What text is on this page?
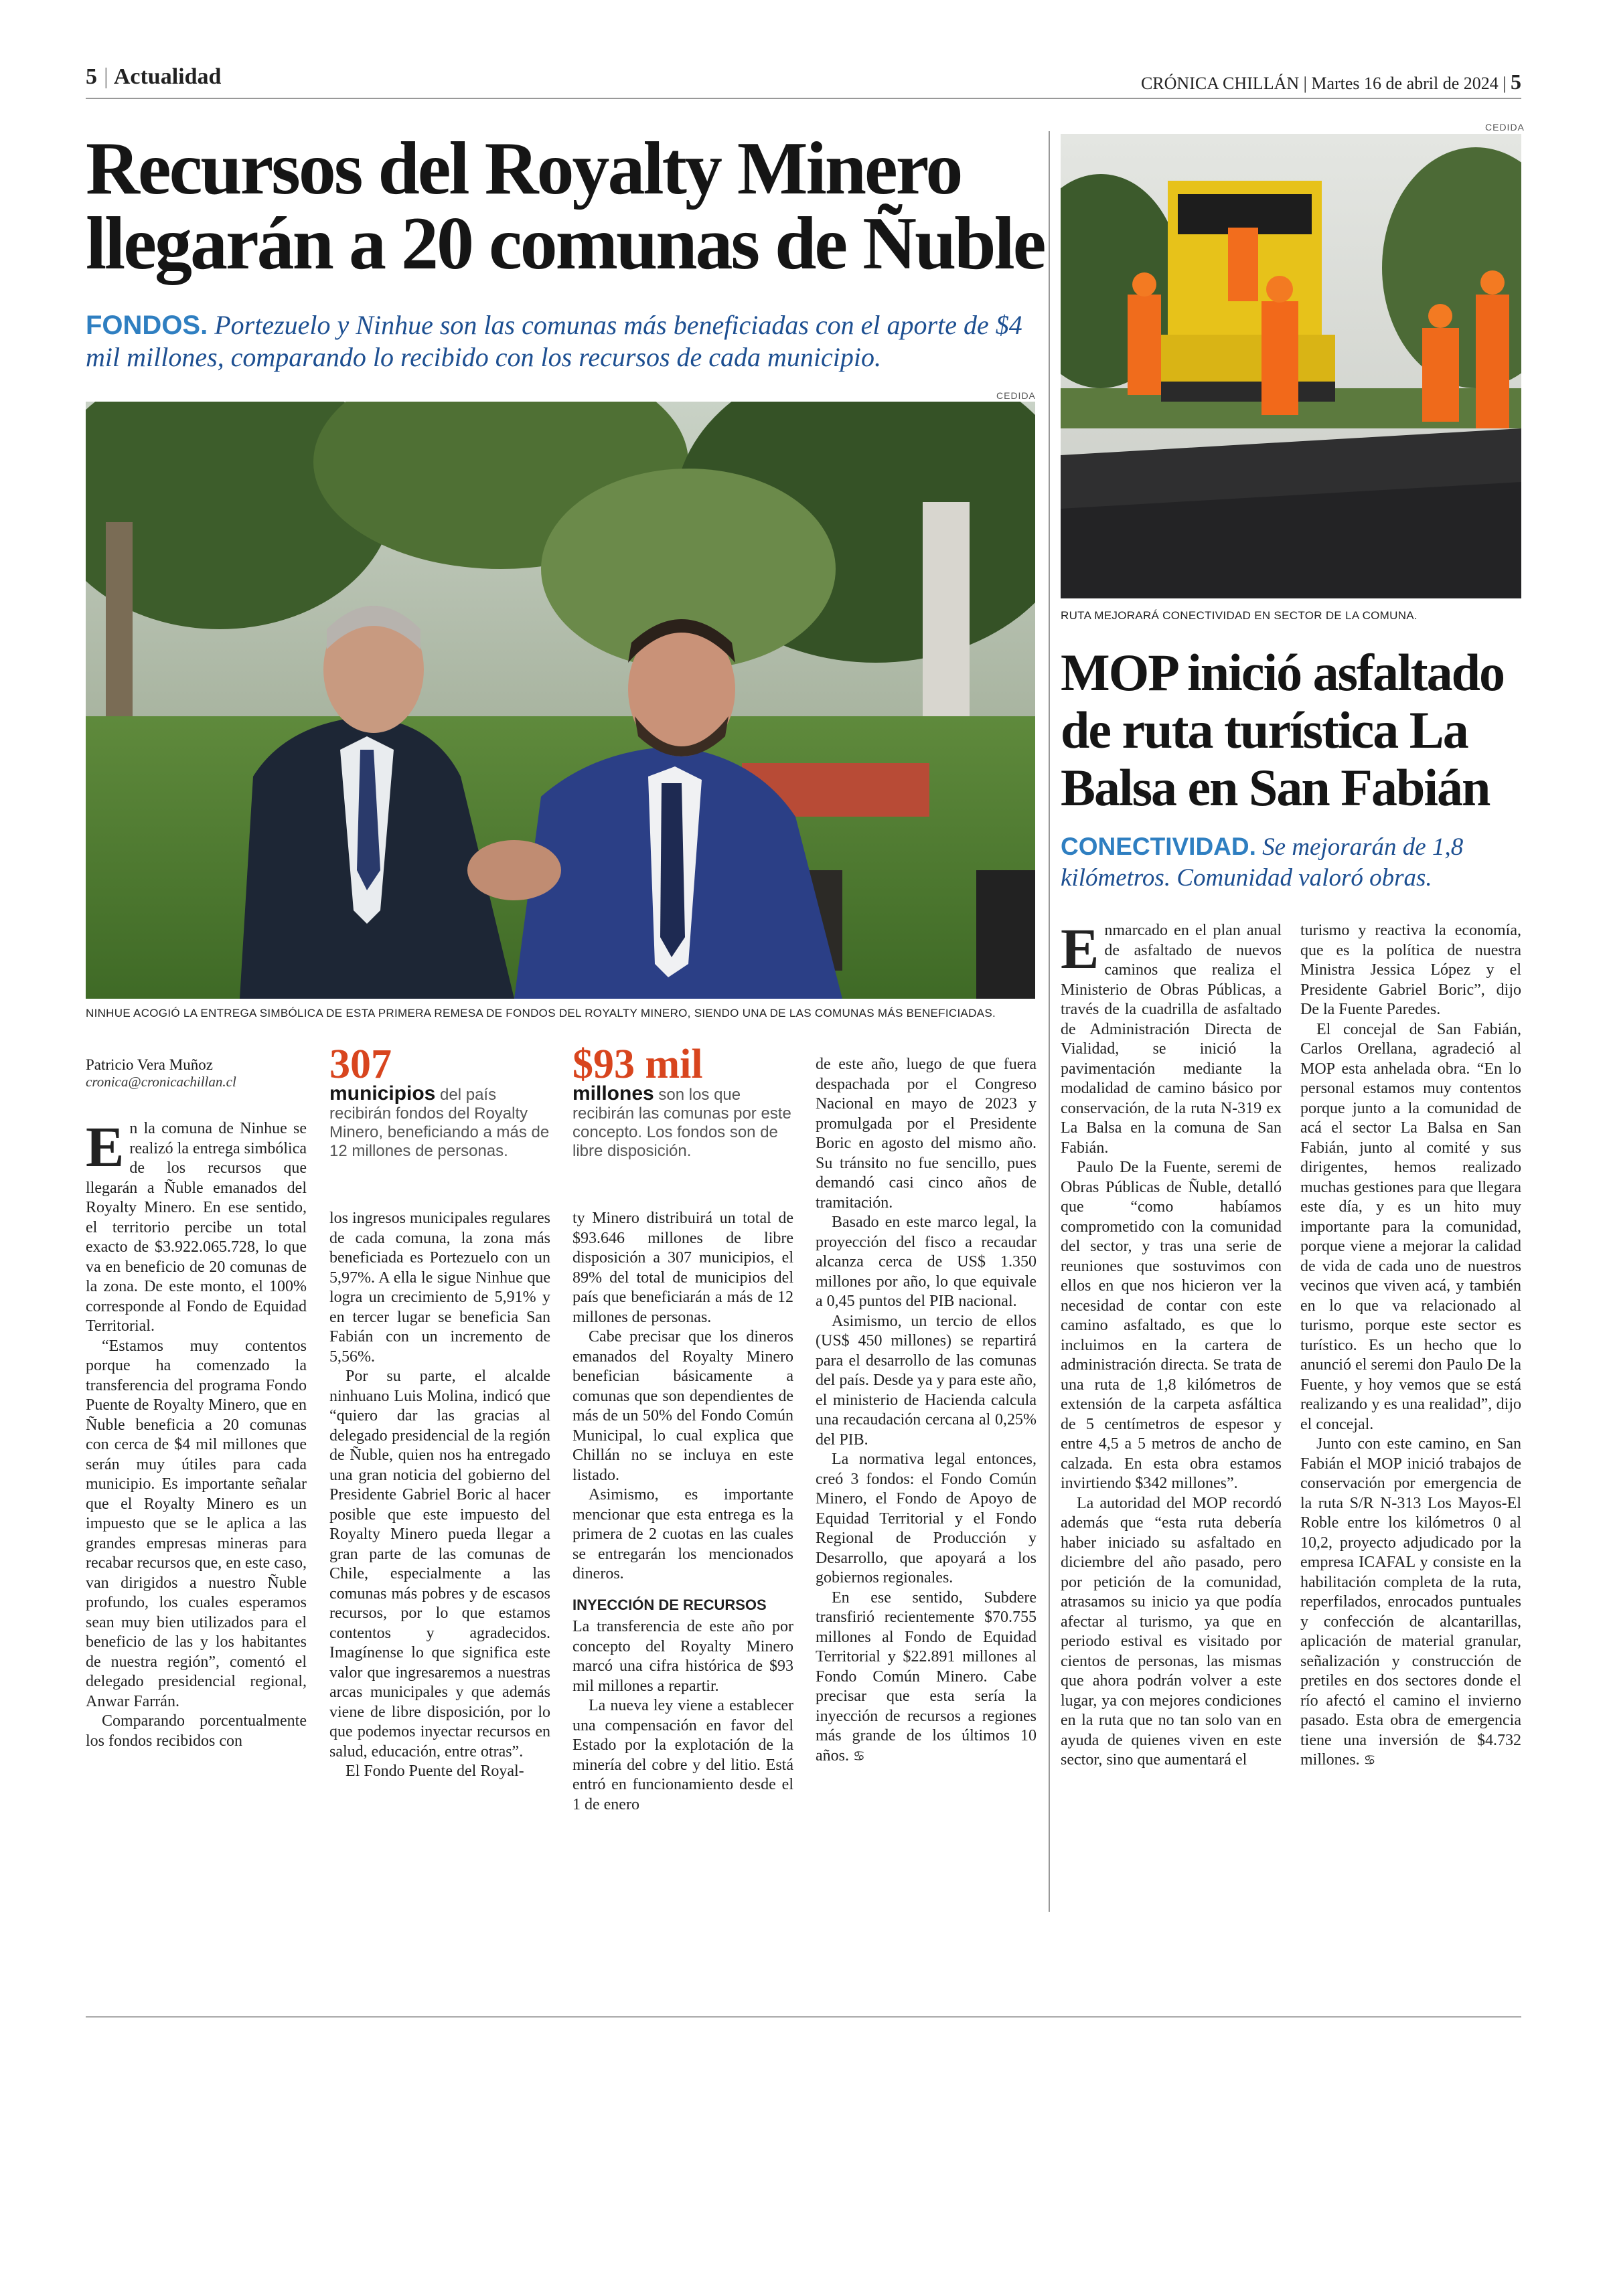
5 | Actualidad	CRÓNICA CHILLÁN | Martes 16 de abril de 2024 | 5
Recursos del Royalty Minero
llegarán a 20 comunas de Ñuble
FONDOS. Portezuelo y Ninhue son las comunas más beneficiadas con el aporte de $4 mil millones, comparando lo recibido con los recursos de cada municipio.
CEDIDA
NINHUE ACOGIÓ LA ENTREGA SIMBÓLICA DE ESTA PRIMERA REMESA DE FONDOS DEL ROYALTY MINERO, SIENDO UNA DE LAS COMUNAS MÁS BENEFICIADAS.
Patricio Vera Muñoz
cronica@cronicachillan.cl	307
municipios del país recibirán fondos del Royalty Minero, beneficiando a más de 12 millones de personas.
$93 mil
millones son los que recibirán las comunas por este concepto. Los fondos son de libre disposición.

En la comuna de Ninhue se realizó la entrega simbólica de los recursos que llegarán a Ñuble emanados del Royalty Minero. En ese sentido, el territorio percibe un total exacto de $3.922.065.728, lo que va en beneficio de 20 comunas de la zona. De este monto, el 100% corresponde al Fondo de Equidad Territorial.

“Estamos muy contentos porque ha comenzado la transferencia del programa Fondo Puente de Royalty Minero, que en Ñuble beneficia a 20 comunas con cerca de $4 mil millones que serán muy útiles para cada municipio. Es importante señalar que el Royalty Minero es un impuesto que se le aplica a las grandes empresas mineras para recabar recursos que, en este caso, van dirigidos a nuestro Ñuble profundo, los cuales esperamos sean muy bien utilizados para el beneficio de las y los habitantes de nuestra región”, comentó el delegado presidencial regional, Anwar Farrán.

Comparando porcentualmente los fondos recibidos con

los ingresos municipales regulares de cada comuna, la zona más beneficiada es Portezuelo con un 5,97%. A ella le sigue Ninhue que logra un crecimiento de 5,91% y en tercer lugar se beneficia San Fabián con un incremento de 5,56%.

Por su parte, el alcalde ninhuano Luis Molina, indicó que “quiero dar las gracias al delegado presidencial de la región de Ñuble, quien nos ha entregado una gran noticia del gobierno del Presidente Gabriel Boric al hacer posible que este impuesto del Royalty Minero pueda llegar a gran parte de las comunas de Chile, especialmente a las comunas más pobres y de escasos recursos, por lo que estamos contentos y agradecidos. Imagínense lo que significa este valor que ingresaremos a nuestras arcas municipales y que además viene de libre disposición, por lo que podemos inyectar recursos en salud, educación, entre otras”.

El Fondo Puente del Royal-

ty Minero distribuirá un total de $93.646 millones de libre disposición a 307 municipios, el 89% del total de municipios del país que beneficiarán a más de 12 millones de personas.

Cabe precisar que los dineros emanados del Royalty Minero benefician básicamente a comunas que son dependientes de más de un 50% del Fondo Común Municipal, lo cual explica que Chillán no se incluya en este listado.

Asimismo, es importante mencionar que esta entrega es la primera de 2 cuotas en las cuales se entregarán los mencionados dineros.

INYECCIÓN DE RECURSOS

La transferencia de este año por concepto del Royalty Minero marcó una cifra histórica de $93 mil millones a repartir.

La nueva ley viene a establecer una compensación en favor del Estado por la explotación de la minería del cobre y del litio. Está entró en funcionamiento desde el 1 de enero

de este año, luego de que fuera despachada por el Congreso Nacional en mayo de 2023 y promulgada por el Presidente Boric en agosto del mismo año. Su tránsito no fue sencillo, pues demandó casi cinco años de tramitación.

Basado en este marco legal, la proyección del fisco a recaudar alcanza cerca de US$ 1.350 millones por año, lo que equivale a 0,45 puntos del PIB nacional.

Asimismo, un tercio de ellos (US$ 450 millones) se repartirá para el desarrollo de las comunas del país. Desde ya y para este año, el ministerio de Hacienda calcula una recaudación cercana al 0,25% del PIB.

La normativa legal entonces, creó 3 fondos: el Fondo Común Minero, el Fondo de Apoyo de Equidad Territorial y el Fondo Regional de Producción y Desarrollo, que apoyará a los gobiernos regionales.

En ese sentido, Subdere transfirió recientemente $70.755 millones al Fondo de Equidad Territorial y $22.891 millones al Fondo Común Minero. Cabe precisar que esta sería la inyección de recursos a regiones más grande de los últimos 10 años. ♋

CEDIDA
RUTA MEJORARÁ CONECTIVIDAD EN SECTOR DE LA COMUNA.
MOP inició asfaltado
de ruta turística La
Balsa en San Fabián
CONECTIVIDAD. Se mejorarán de 1,8 kilómetros. Comunidad valoró obras.

Enmarcado en el plan anual de asfaltado de nuevos caminos que realiza el Ministerio de Obras Públicas, a través de la cuadrilla de asfaltado de Administración Directa de Vialidad, se inició la pavimentación mediante la modalidad de camino básico por conservación, de la ruta N-319 ex La Balsa en la comuna de San Fabián.

Paulo De la Fuente, seremi de Obras Públicas de Ñuble, detalló que “como habíamos comprometido con la comunidad del sector, y tras una serie de reuniones que sostuvimos con ellos en que nos hicieron ver la necesidad de contar con este camino asfaltado, es que lo incluimos en la cartera de administración directa. Se trata de una ruta de 1,8 kilómetros de extensión de la carpeta asfáltica de 5 centímetros de espesor y entre 4,5 a 5 metros de ancho de calzada. En esta obra estamos invirtiendo $342 millones”.

La autoridad del MOP recordó además que “esta ruta debería haber iniciado su asfaltado en diciembre del año pasado, pero por petición de la comunidad, atrasamos su inicio ya que podía afectar al turismo, ya que en periodo estival es visitado por cientos de personas, las mismas que ahora podrán volver a este lugar, ya con mejores condiciones en la ruta que no tan solo van en ayuda de quienes viven en este sector, sino que aumentará el

turismo y reactiva la economía, que es la política de nuestra Ministra Jessica López y el Presidente Gabriel Boric”, dijo De la Fuente Paredes.

El concejal de San Fabián, Carlos Orellana, agradeció al MOP esta anhelada obra. “En lo personal estamos muy contentos porque junto a la comunidad de acá el sector La Balsa en San Fabián, junto al comité y sus dirigentes, hemos realizado muchas gestiones para que llegara este día, y es un hito muy importante para la comunidad, porque viene a mejorar la calidad de vida de cada uno de nuestros vecinos que viven acá, y también en lo que va relacionado al turismo, porque este sector es turístico. Es un hecho que lo anunció el seremi don Paulo De la Fuente, y hoy vemos que se está realizando y es una realidad”, dijo el concejal.

Junto con este camino, en San Fabián el MOP inició trabajos de conservación por emergencia de la ruta S/R N-313 Los Mayos-El Roble entre los kilómetros 0 al 10,2, proyecto adjudicado por la empresa ICAFAL y consiste en la habilitación completa de la ruta, reperfilados, enrocados puntuales y confección de alcantarillas, aplicación de material granular, señalización y construcción de pretiles en dos sectores donde el río afectó el camino el invierno pasado. Esta obra de emergencia tiene una inversión de $4.732 millones. ♋
